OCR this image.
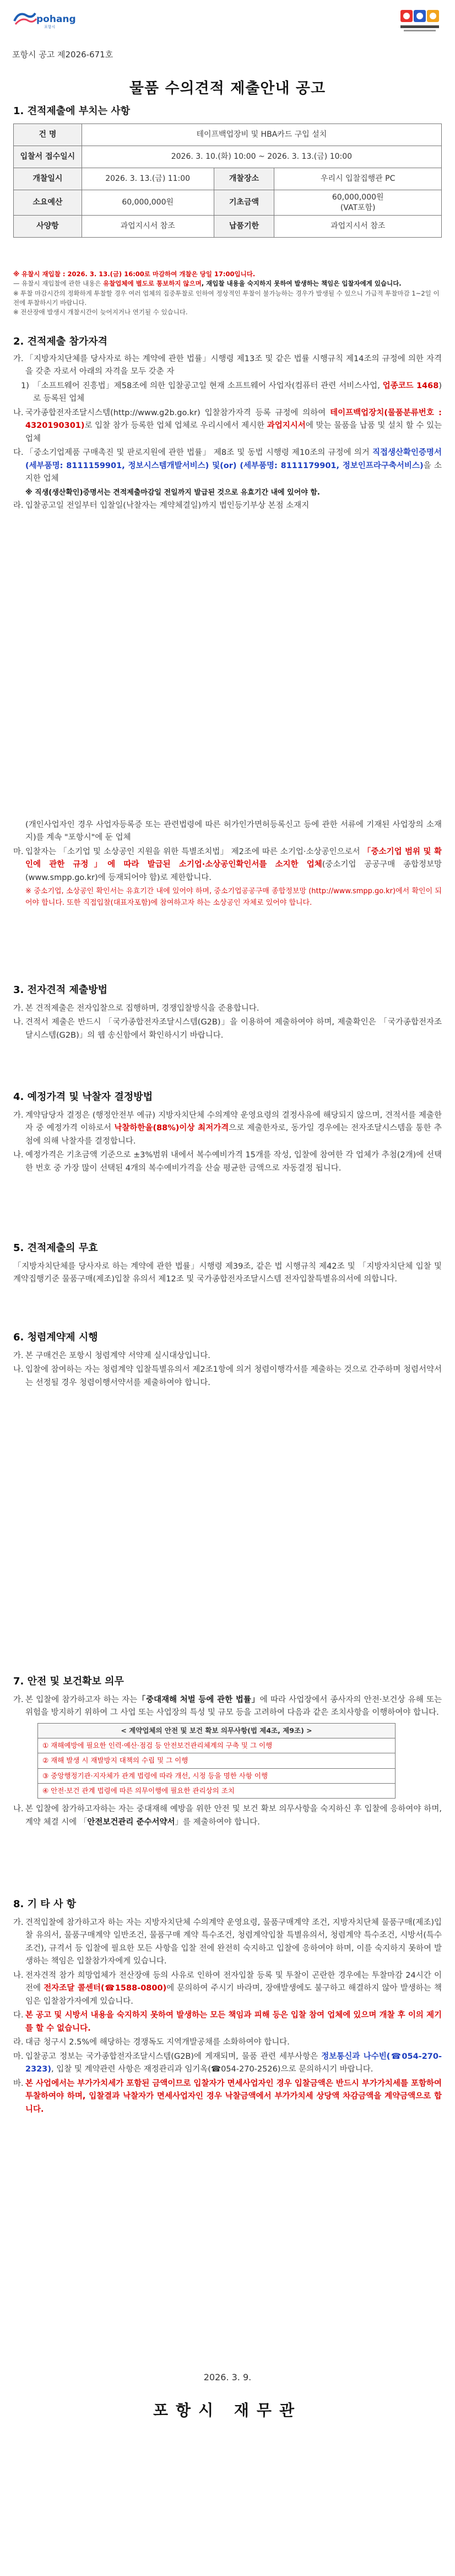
pohang
포항시
포항시 공고 제2026-671호
물품 수의견적 제출안내 공고
1. 견적제출에 부치는 사항
건 명	테이프백업장비 및 HBA카드 구입 설치		
입찰서 접수일시	2026. 3. 10.(화) 10:00 ~ 2026. 3. 13.(금) 10:00		
개찰일시	2026. 3. 13.(금) 11:00	개찰장소	우리시 입찰집행관 PC
소요예산	60,000,000원	기초금액	60,000,000원
(VAT포함)
사양항	과업지시서 참조	납품기한	과업지시서 참조
※ 유찰시 재입찰 : 2026. 3. 13.(금) 16:00로 마감하여 개찰은 당일 17:00입니다.
— 유찰시 재입찰에 관한 내용은 유찰업체에 별도로 통보하지 않으며, 재입찰 내용을 숙지하지 못하여 발생하는 책임은 입찰자에게 있습니다.
※ 투찰 마감시간의 정확하게 투찰할 경우 여러 업체의 집중투찰로 인하여 정상적인 투찰이 불가능하는 경우가 발생될 수 있으니 가급적 투찰마감 1~2일 이전에 투찰하시기 바랍니다.
※ 전산장애 발생시 개찰시간이 늦어지거나 연기될 수 있습니다.
2. 견적제출 참가자격
가. 「지방자치단체를 당사자로 하는 계약에 관한 법률」시행령 제13조 및 같은 법률 시행규칙 제14조의 규정에 의한 자격을 갖춘 자로서 아래의 자격을 모두 갖춘 자
1) 「소프트웨어 진흥법」제58조에 의한 입찰공고일 현재 소프트웨어 사업자(컴퓨터 관련 서비스사업, 업종코드 1468)로 등록된 업체
나. 국가종합전자조달시스템(http://www.g2b.go.kr) 입찰참가자격 등록 규정에 의하여 테이프백업장치(물품분류번호 : 4320190301)로 입찰 참가 등록한 업체 업체로 우리시에서 제시한 과업지시서에 맞는 물품을 납품 및 설치 할 수 있는 업체
다. 「중소기업제품 구매촉진 및 판로지원에 관한 법률」 제8조 및 동법 시행령 제10조의 규정에 의거 직접생산확인증명서(세부품명: 8111159901, 정보시스템개발서비스) 및(or) (세부품명: 8111179901, 정보인프라구축서비스)을 소지한 업체
※ 직생(생산확인)증명서는 견적제출마감일 전일까지 발급된 것으로 유효기간 내에 있어야 함.
라. 입찰공고일 전일부터 입찰일(낙찰자는 계약체결일)까지 법인등기부상 본점 소재지
(개인사업자인 경우 사업자등록증 또는 관련법령에 따른 허가인가면허등록신고 등에 관한 서류에 기재된 사업장의 소재지)를 계속 "포항시"에 둔 업체
마. 입찰자는 「소기업 및 소상공인 지원을 위한 특별조치법」 제2조에 따른 소기업·소상공인으로서 「중소기업 범위 및 확인에 관한 규정」에 따라 발급된 소기업·소상공인확인서를 소지한 업체(중소기업 공공구매 종합정보망(www.smpp.go.kr)에 등재되어야 함)로 제한합니다.
※ 중소기업, 소상공인 확인서는 유효기간 내에 있어야 하며, 중소기업공공구매 종합정보망 (http://www.smpp.go.kr)에서 확인이 되어야 합니다. 또한 직접입찰(대표자포함)에 참여하고자 하는 소상공인 자체로 있어야 합니다.
3. 전자견적 제출방법
가. 본 견적제출은 전자입찰으로 집행하며, 경쟁입찰방식을 준용합니다.
나. 견적서 제출은 반드시 「국가종합전자조달시스템(G2B)」을 이용하여 제출하여야 하며, 제출확인은 「국가종합전자조달시스템(G2B)」의 웹 송신함에서 확인하시기 바랍니다.
4. 예정가격 및 낙찰자 결정방법
가. 계약담당자 결정은 (행정안전부 예규) 지방자치단체 수의계약 운영요령의 결정사유에 해당되지 않으며, 견적서를 제출한 자 중 예정가격 이하로서 낙찰하한율(88%)이상 최저가격으로 제출한자로, 동가일 경우에는 전자조달시스템을 통한 추첨에 의해 낙찰자를 결정합니다.
나. 예정가격은 기초금액 기준으로 ±3%범위 내에서 복수예비가격 15개를 작성, 입찰에 참여한 각 업체가 추첨(2개)에 선택한 번호 중 가장 많이 선택된 4개의 복수예비가격을 산술 평균한 금액으로 자동결정 됩니다.
5. 견적제출의 무효
「지방자치단체를 당사자로 하는 계약에 관한 법률」시행령 제39조, 같은 법 시행규칙 제42조 및 「지방자치단체 입찰 및 계약집행기준 물품구매(제조)입찰 유의서 제12조 및 국가종합전자조달시스템 전자입찰특별유의서에 의합니다.
6. 청렴계약제 시행
가. 본 구매건은 포항시 청렴계약 서약제 실시대상입니다.
나. 입찰에 참여하는 자는 청렴계약 입찰특별유의서 제2조1항에 의거 청렴이행각서를 제출하는 것으로 간주하며 청렴서약서는 선정될 경우 청렴이행서약서를 제출하여야 합니다.
7. 안전 및 보건확보 의무
가. 본 입찰에 참가하고자 하는 자는「중대재해 처벌 등에 관한 법률」에 따라 사업장에서 종사자의 안전·보건상 유해 또는 위험을 방지하기 위하여 그 사업 또는 사업장의 특성 및 규모 등을 고려하여 다음과 같은 조치사항을 이행하여야 합니다.
< 계약업체의 안전 및 보건 확보 의무사항(법 제4조, 제9조) >
① 재해예방에 필요한 인력·예산·점검 등 안전보건관리체계의 구축 및 그 이행
② 재해 발생 시 재발방지 대책의 수립 및 그 이행
③ 중앙행정기관·지자체가 관계 법령에 따라 개선, 시정 등을 명한 사항 이행
④ 안전·보건 관계 법령에 따른 의무이행에 필요한 관리상의 조치
나. 본 입찰에 참가하고자하는 자는 중대재해 예방을 위한 안전 및 보건 확보 의무사항을 숙지하신 후 입찰에 응하여야 하며, 계약 체결 시에 「안전보건관리 준수서약서」를 제출하여야 합니다.
8. 기 타 사 항
가. 견적입찰에 참가하고자 하는 자는 지방자치단체 수의계약 운영요령, 물품구매계약 조건, 지방자치단체 물품구매(제조)입찰 유의서, 물품구매계약 일반조건, 물품구매 계약 특수조건, 청렴계약입찰 특별유의서, 청렴계약 특수조건, 시방서(특수조건), 규격서 등 입찰에 필요한 모든 사항을 입찰 전에 완전히 숙지하고 입찰에 응하여야 하며, 이를 숙지하지 못하여 발생하는 책임은 입찰참가자에게 있습니다.
나. 전자견적 참가 희망업체가 전산장애 등의 사유로 인하여 전자입찰 등록 및 투찰이 곤란한 경우에는 투찰마감 24시간 이전에 전자조달 콜센터(☎1588-0800)에 문의하여 주시기 바라며, 장애발생에도 불구하고 해결하지 않아 발생하는 책임은 입찰참가자에게 있습니다.
다. 본 공고 및 시방서 내용을 숙지하지 못하여 발생하는 모든 책임과 피해 등은 입찰 참여 업체에 있으며 개찰 후 이의 제기를 할 수 없습니다.
라. 대금 청구시 2.5%에 해당하는 경쟁독도 지역개발공채를 소화하여야 합니다.
마. 입찰공고 정보는 국가종합전자조달시스템(G2B)에 게재되며, 물품 관련 세부사항은 정보통신과 나수빈(☎054-270-2323), 입찰 및 계약관련 사항은 재정관리과 임기옥(☎054-270-2526)으로 문의하시기 바랍니다.
바. 본 사업에서는 부가가치세가 포함된 금액이므로 입찰자가 면세사업자인 경우 입찰금액은 반드시 부가가치세를 포함하여 투찰하여야 하며, 입찰결과 낙찰자가 면세사업자인 경우 낙찰금액에서 부가가치세 상당액 차감금액을 계약금액으로 합니다.
2026. 3. 9.
포항시 재무관
